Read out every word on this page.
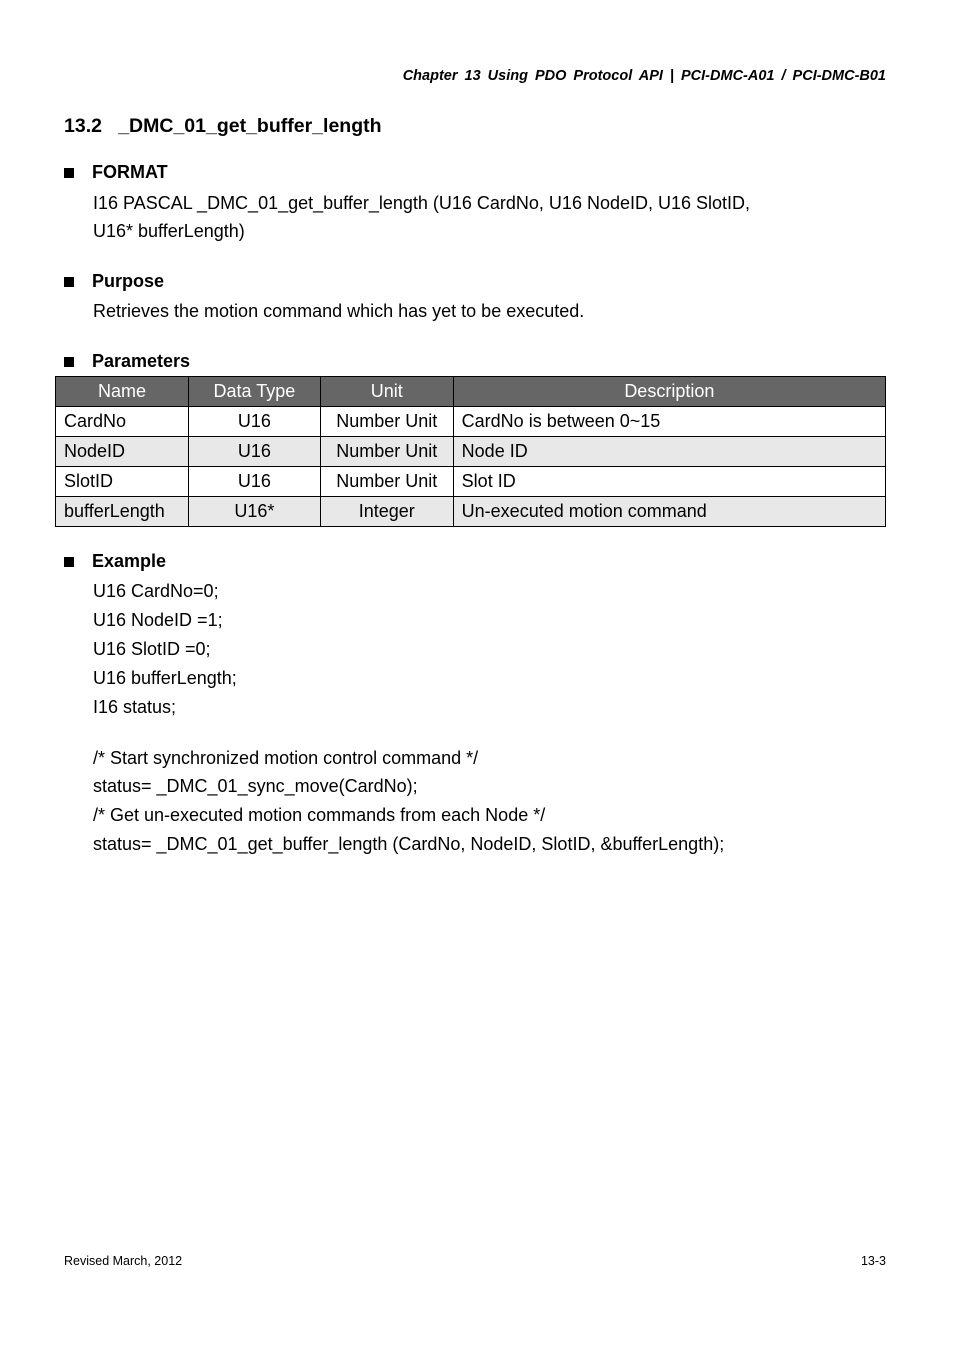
Chapter 13 Using PDO Protocol API | PCI-DMC-A01 / PCI-DMC-B01
13.2   _DMC_01_get_buffer_length
FORMAT
I16 PASCAL _DMC_01_get_buffer_length (U16 CardNo, U16 NodeID, U16 SlotID,
U16* bufferLength)
Purpose
Retrieves the motion command which has yet to be executed.
Parameters
Name	Data Type	Unit	Description
CardNo	U16	Number Unit	CardNo is between 0~15
NodeID	U16	Number Unit	Node ID
SlotID	U16	Number Unit	Slot ID
bufferLength	U16*	Integer	Un-executed motion command
Example
U16 CardNo=0;
U16 NodeID =1;
U16 SlotID =0;
U16 bufferLength;
I16 status;
/* Start synchronized motion control command */
status= _DMC_01_sync_move(CardNo);
/* Get un-executed motion commands from each Node */
status= _DMC_01_get_buffer_length (CardNo, NodeID, SlotID, &bufferLength);
Revised March, 2012	13-3
